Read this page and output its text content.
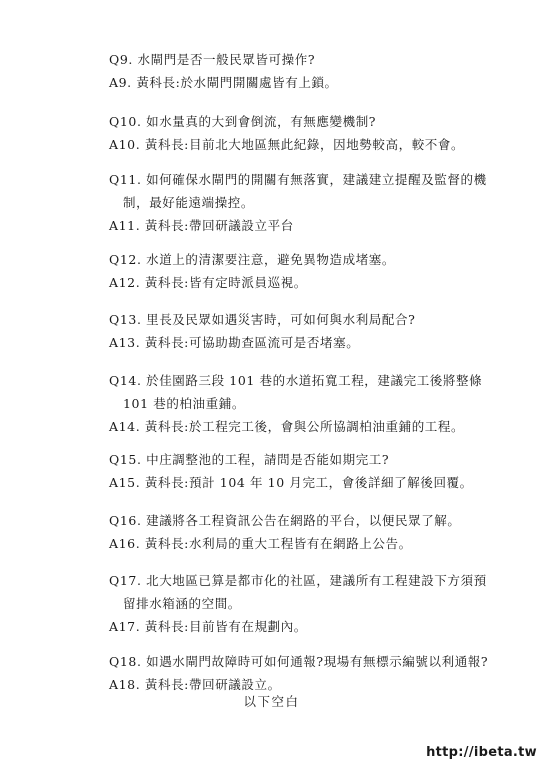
Q9. 水閘門是否一般民眾皆可操作?
A9. 黃科長:於水閘門開關處皆有上鎖。
Q10. 如水量真的大到會倒流，有無應變機制?
A10. 黃科長:目前北大地區無此紀錄，因地勢較高，較不會。
Q11. 如何確保水閘門的開關有無落實，建議建立提醒及監督的機
制，最好能遠端操控。
A11. 黃科長:帶回研議設立平台
Q12. 水道上的清潔要注意，避免異物造成堵塞。
A12. 黃科長:皆有定時派員巡視。
Q13. 里長及民眾如遇災害時，可如何與水利局配合?
A13. 黃科長:可協助勘查區流可是否堵塞。
Q14. 於佳園路三段 101 巷的水道拓寬工程，建議完工後將整條
101 巷的柏油重鋪。
A14. 黃科長:於工程完工後，會與公所協調柏油重鋪的工程。
Q15. 中庄調整池的工程，請問是否能如期完工?
A15. 黃科長:預計 104 年 10 月完工，會後詳細了解後回覆。
Q16. 建議將各工程資訊公告在網路的平台，以便民眾了解。
A16. 黃科長:水利局的重大工程皆有在網路上公告。
Q17. 北大地區已算是都市化的社區，建議所有工程建設下方須預
留排水箱涵的空間。
A17. 黃科長:目前皆有在規劃內。
Q18. 如遇水閘門故障時可如何通報?現場有無標示編號以利通報?
A18. 黃科長:帶回研議設立。
以下空白
http://ibeta.tw
